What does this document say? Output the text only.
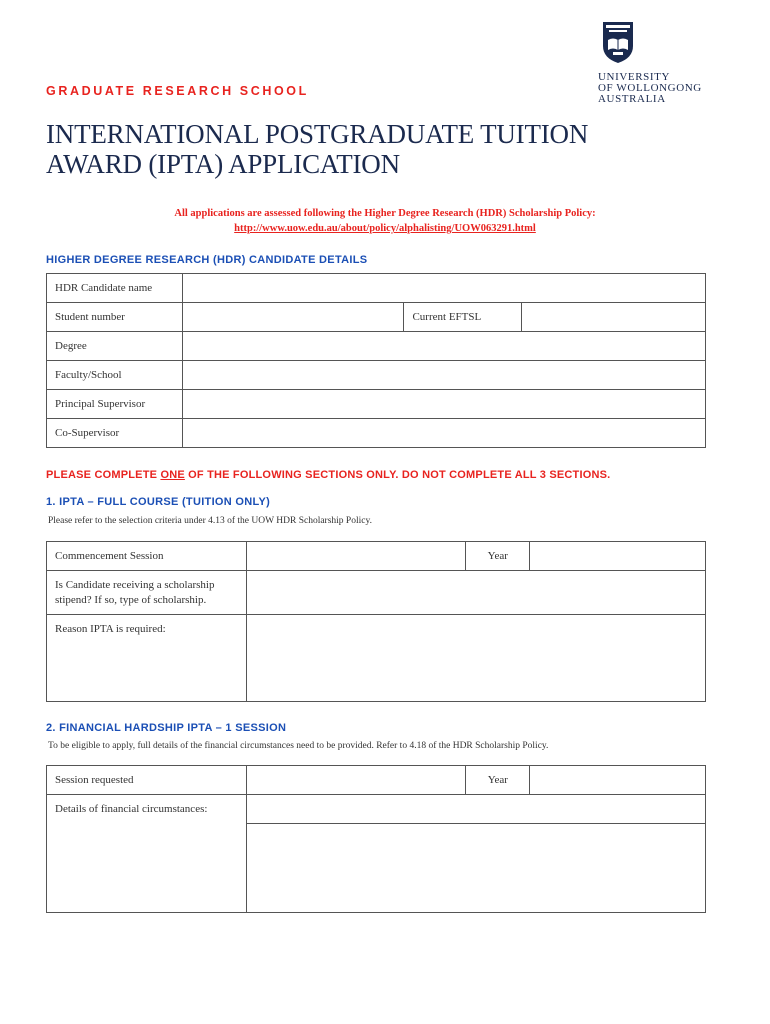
GRADUATE RESEARCH SCHOOL
UNIVERSITY
OF WOLLONGONG
AUSTRALIA
INTERNATIONAL POSTGRADUATE TUITION
AWARD (IPTA) APPLICATION
All applications are assessed following the Higher Degree Research (HDR) Scholarship Policy:
http://www.uow.edu.au/about/policy/alphalisting/UOW063291.html
HIGHER DEGREE RESEARCH (HDR) CANDIDATE DETAILS
HDR Candidate name			
Student number		Current EFTSL	
Degree			
Faculty/School			
Principal Supervisor			
Co-Supervisor			
PLEASE COMPLETE ONE OF THE FOLLOWING SECTIONS ONLY. DO NOT COMPLETE ALL 3 SECTIONS.
1. IPTA – FULL COURSE (TUITION ONLY)
Please refer to the selection criteria under 4.13 of the UOW HDR Scholarship Policy.
Commencement Session		Year	

Is Candidate receiving a scholarship
stipend? If so, type of scholarship.			

Reason IPTA is required:			
2. FINANCIAL HARDSHIP IPTA – 1 SESSION
To be eligible to apply, full details of the financial circumstances need to be provided. Refer to 4.18 of the HDR Scholarship Policy.
Session requested		Year	
Details of financial circumstances:			
